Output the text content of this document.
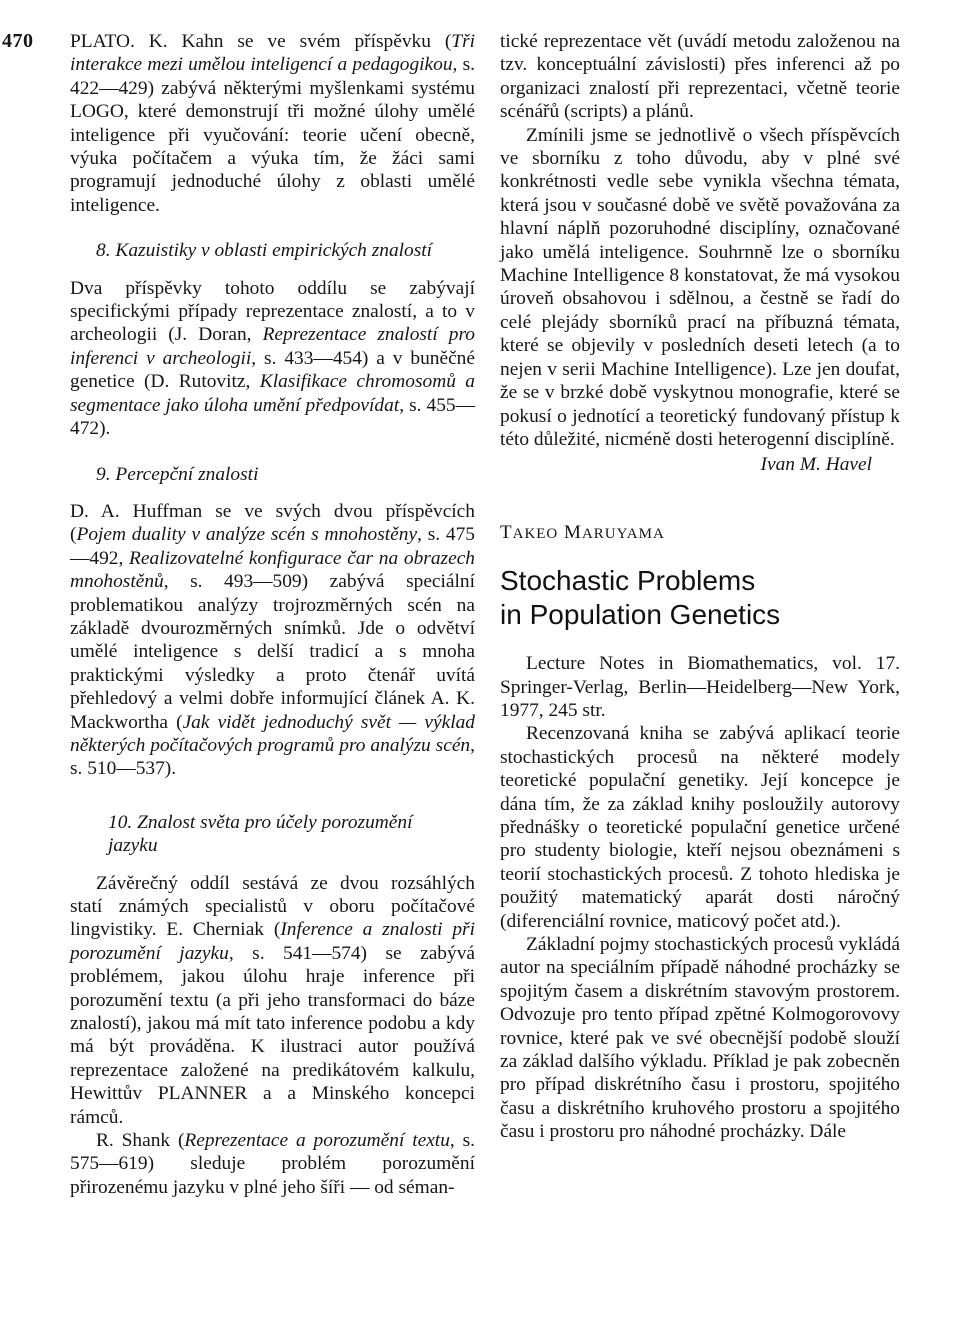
470 PLATO. K. Kahn se ve svém příspěvku (Tři interakce mezi umělou inteligencí a pedagogikou, s. 422—429) zabývá některými myšlenkami systému LOGO, které demonstrují tři možné úlohy umělé inteligence při vyučování: teorie učení obecně, výuka počítačem a výuka tím, že žáci sami programují jednoduché úlohy z oblasti umělé inteligence.

8. Kazuistiky v oblasti empirických znalostí

Dva příspěvky tohoto oddílu se zabývají specifickými případy reprezentace znalostí, a to v archeologii (J. Doran, Reprezentace znalostí pro inferenci v archeologii, s. 433—454) a v buněčné genetice (D. Rutovitz, Klasifikace chromosomů a segmentace jako úloha umění předpovídat, s. 455—472).

9. Percepční znalosti

D. A. Huffman se ve svých dvou příspěvcích (Pojem duality v analýze scén s mnohostěny, s. 475—492, Realizovatelné konfigurace čar na obrazech mnohostěnů, s. 493—509) zabývá speciální problematikou analýzy trojrozměrných scén na základě dvourozměrných snímků. Jde o odvětví umělé inteligence s delší tradicí a s mnoha praktickými výsledky a proto čtenář uvítá přehledový a velmi dobře informující článek A. K. Mackwortha (Jak vidět jednoduchý svět — výklad některých počítačových programů pro analýzu scén, s. 510—537).

10. Znalost světa pro účely porozumění jazyku

Závěrečný oddíl sestává ze dvou rozsáhlých statí známých specialistů v oboru počítačové lingvistiky. E. Cherniak (Inference a znalosti při porozumění jazyku, s. 541—574) se zabývá problémem, jakou úlohu hraje inference při porozumění textu (a při jeho transformaci do báze znalostí), jakou má mít tato inference podobu a kdy má být prováděna. K ilustraci autor používá reprezentace založené na predikátovém kalkulu, Hewittův PLANNER a a Minského koncepci rámců.

R. Shank (Reprezentace a porozumění textu, s. 575—619) sleduje problém porozumění přirozenému jazyku v plné jeho šíři — od séman-

tické reprezentace vět (uvádí metodu založenou na tzv. konceptuální závislosti) přes inferenci až po organizaci znalostí při reprezentaci, včetně teorie scénářů (scripts) a plánů.

Zmínili jsme se jednotlivě o všech příspěvcích ve sborníku z toho důvodu, aby v plné své konkrétnosti vedle sebe vynikla všechna témata, která jsou v současné době ve světě považována za hlavní náplň pozoruhodné disciplíny, označované jako umělá inteligence. Souhrnně lze o sborníku Machine Intelligence 8 konstatovat, že má vysokou úroveň obsahovou i sdělnou, a čestně se řadí do celé plejády sborníků prací na příbuzná témata, které se objevily v posledních deseti letech (a to nejen v serii Machine Intelligence). Lze jen doufat, že se v brzké době vyskytnou monografie, které se pokusí o jednotící a teoretický fundovaný přístup k této důležité, nicméně dosti heterogenní disciplíně.

Ivan M. Havel
TAKEO MARUYAMA
Stochastic Problems
in Population Genetics

Lecture Notes in Biomathematics, vol. 17. Springer-Verlag, Berlin—Heidelberg—New York, 1977, 245 str.

Recenzovaná kniha se zabývá aplikací teorie stochastických procesů na některé modely teoretické populační genetiky. Její koncepce je dána tím, že za základ knihy posloužily autorovy přednášky o teoretické populační genetice určené pro studenty biologie, kteří nejsou obeznámeni s teorií stochastických procesů. Z tohoto hlediska je použitý matematický aparát dosti náročný (diferenciální rovnice, maticový počet atd.).

Základní pojmy stochastických procesů vykládá autor na speciálním případě náhodné procházky se spojitým časem a diskrétním stavovým prostorem. Odvozuje pro tento případ zpětné Kolmogorovovy rovnice, které pak ve své obecnější podobě slouží za základ dalšího výkladu. Příklad je pak zobecněn pro případ diskrétního času i prostoru, spojitého času a diskrétního kruhového prostoru a spojitého času i prostoru pro náhodné procházky. Dále
